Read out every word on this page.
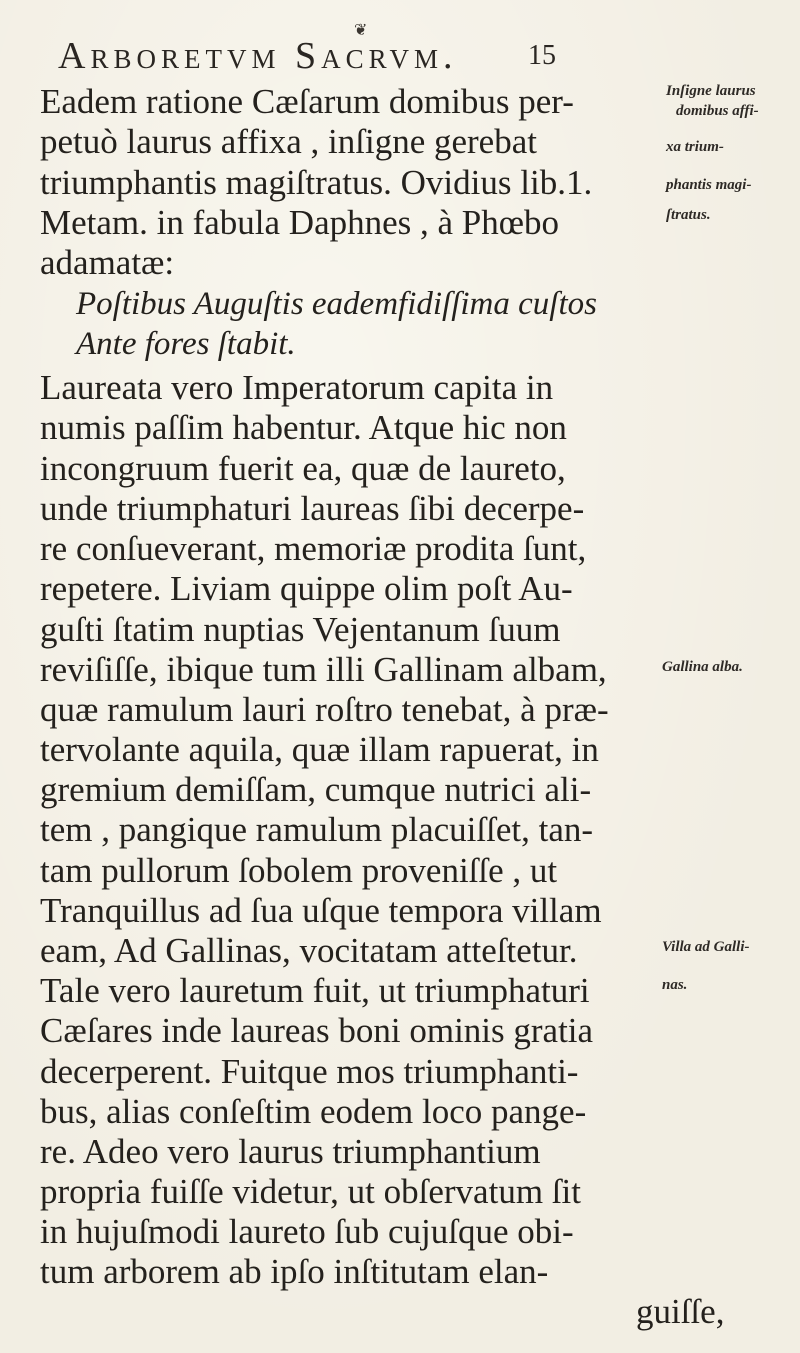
❦
Arboretvm Sacrvm.	15
Eadem ratione Cæſarum domibus per-
petuò laurus affixa , inſigne gerebat
triumphantis magiſtratus. Ovidius lib.1.
Metam. in fabula Daphnes , à Phœbo
adamatæ:
Poſtibus Auguſtis eademfidiſſima cuſtos
Ante fores ſtabit.
Laureata vero Imperatorum capita in
numis paſſim habentur. Atque hic non
incongruum fuerit ea, quæ de laureto,
unde triumphaturi laureas ſibi decerpe-
re conſueverant, memoriæ prodita ſunt,
repetere. Liviam quippe olim poſt Au-
guſti ſtatim nuptias Vejentanum ſuum
reviſiſſe, ibique tum illi Gallinam albam,
quæ ramulum lauri roſtro tenebat, à præ-
tervolante aquila, quæ illam rapuerat, in
gremium demiſſam, cumque nutrici ali-
tem , pangique ramulum placuiſſet, tan-
tam pullorum ſobolem proveniſſe , ut
Tranquillus ad ſua uſque tempora villam
eam, Ad Gallinas, vocitatam atteſtetur.
Tale vero lauretum fuit, ut triumphaturi
Cæſares inde laureas boni ominis gratia
decerperent. Fuitque mos triumphanti-
bus, alias conſeſtim eodem loco pange-
re. Adeo vero laurus triumphantium
propria fuiſſe videtur, ut obſervatum ſit
in hujuſmodi laureto ſub cujuſque obi-
tum arborem ab ipſo inſtitutam elan-
guiſſe,
Inſigne laurus
domibus affi-
xa trium-
phantis magi-
ſtratus.
Gallina alba.
Villa ad Galli-
nas.
